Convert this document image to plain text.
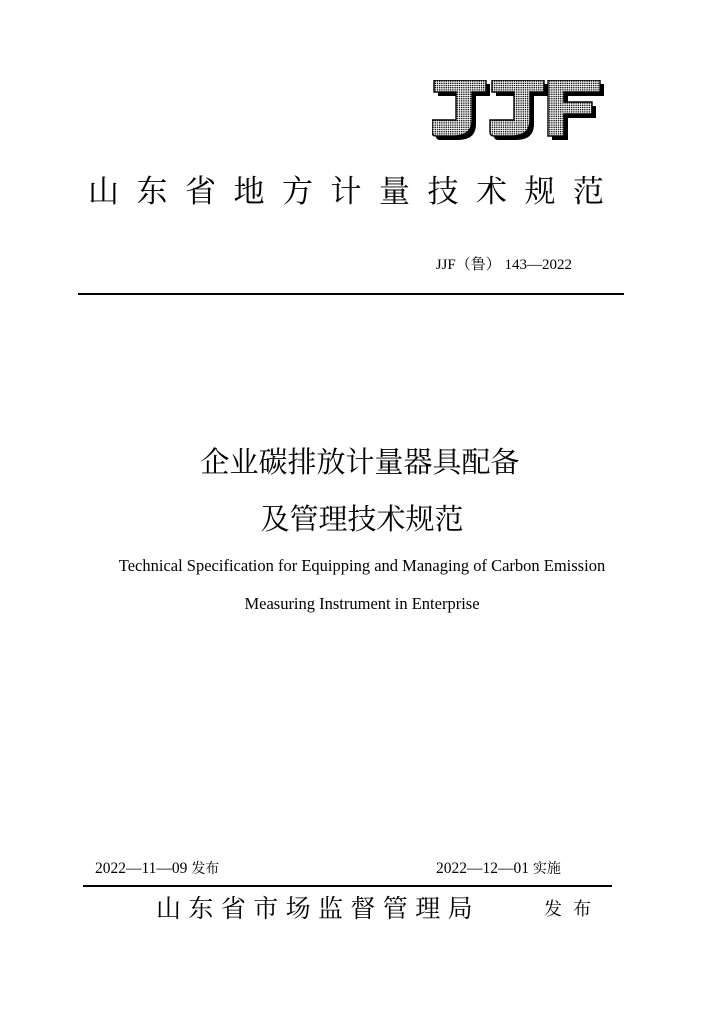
山东省地方计量技术规范
JJF（鲁） 143—2022
企业碳排放计量器具配备
及管理技术规范
Technical Specification for Equipping and Managing of Carbon Emission
Measuring Instrument in Enterprise
2022—11—09 发布	2022—12—01 实施
山东省市场监督管理局	发布
